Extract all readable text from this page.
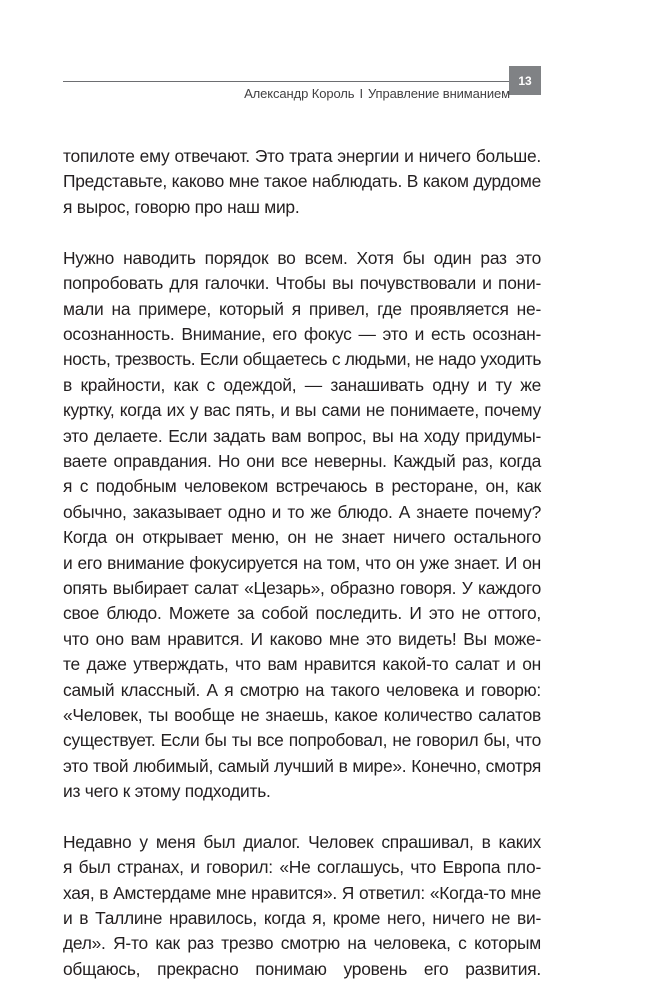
13
Александр Король I Управление вниманием
топилоте ему отвечают. Это трата энергии и ничего больше.
Представьте, каково мне такое наблюдать. В каком дурдоме
я вырос, говорю про наш мир.
Нужно наводить порядок во всем. Хотя бы один раз это
попробовать для галочки. Чтобы вы почувствовали и пони-
мали на примере, который я привел, где проявляется не-
осознанность. Внимание, его фокус — это и есть осознан-
ность, трезвость. Если общаетесь с людьми, не надо уходить
в крайности, как с одеждой, — занашивать одну и ту же
куртку, когда их у вас пять, и вы сами не понимаете, почему
это делаете. Если задать вам вопрос, вы на ходу придумы-
ваете оправдания. Но они все неверны. Каждый раз, когда
я с подобным человеком встречаюсь в ресторане, он, как
обычно, заказывает одно и то же блюдо. А знаете почему?
Когда он открывает меню, он не знает ничего остального
и его внимание фокусируется на том, что он уже знает. И он
опять выбирает салат «Цезарь», образно говоря. У каждого
свое блюдо. Можете за собой последить. И это не оттого,
что оно вам нравится. И каково мне это видеть! Вы може-
те даже утверждать, что вам нравится какой-то салат и он
самый классный. А я смотрю на такого человека и говорю:
«Человек, ты вообще не знаешь, какое количество салатов
существует. Если бы ты все попробовал, не говорил бы, что
это твой любимый, самый лучший в мире». Конечно, смотря
из чего к этому подходить.
Недавно у меня был диалог. Человек спрашивал, в каких
я был странах, и говорил: «Не соглашусь, что Европа пло-
хая, в Амстердаме мне нравится». Я ответил: «Когда-то мне
и в Таллине нравилось, когда я, кроме него, ничего не ви-
дел». Я-то как раз трезво смотрю на человека, с которым
общаюсь, прекрасно понимаю уровень его развития.
